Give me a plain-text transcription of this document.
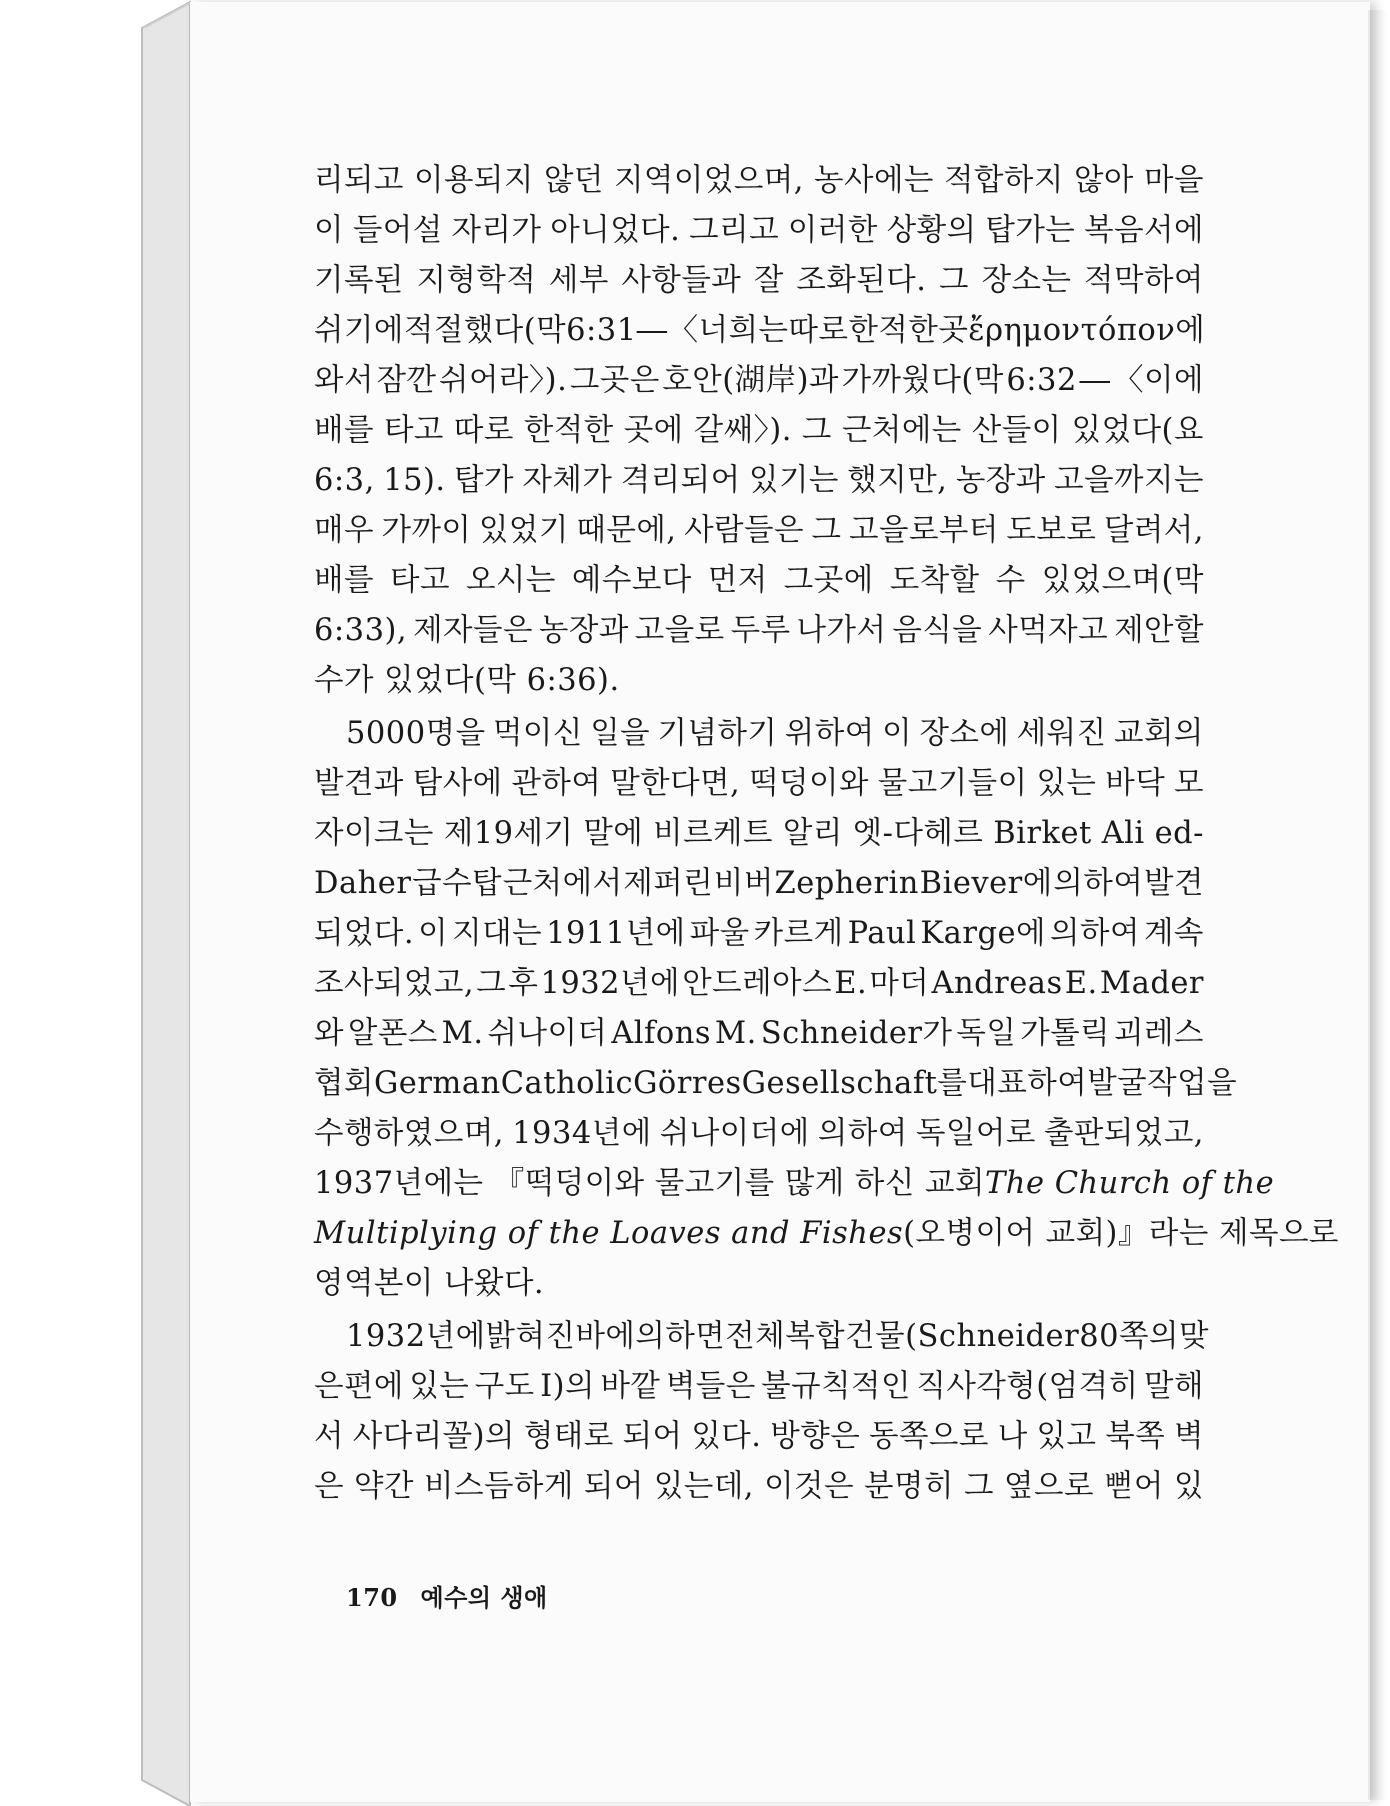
리되고 이용되지 않던 지역이었으며, 농사에는 적합하지 않아 마을
이 들어설 자리가 아니었다. 그리고 이러한 상황의 탑가는 복음서에
기록된 지형학적 세부 사항들과 잘 조화된다. 그 장소는 적막하여
쉬기에 적절했다(막 6:31 ― 〈너희는 따로 한적한 곳 ἔρημον τόπον에
와서 잠깐 쉬어라〉). 그곳은 호안(湖岸)과 가까웠다(막 6:32 ― 〈이에
배를 타고 따로 한적한 곳에 갈쌔〉). 그 근처에는 산들이 있었다(요
6:3, 15). 탑가 자체가 격리되어 있기는 했지만, 농장과 고을까지는
매우 가까이 있었기 때문에, 사람들은 그 고을로부터 도보로 달려서,
배를 타고 오시는 예수보다 먼저 그곳에 도착할 수 있었으며(막
6:33), 제자들은 농장과 고을로 두루 나가서 음식을 사먹자고 제안할
수가 있었다(막 6:36).
5000명을 먹이신 일을 기념하기 위하여 이 장소에 세워진 교회의
발견과 탐사에 관하여 말한다면, 떡덩이와 물고기들이 있는 바닥 모
자이크는 제19세기 말에 비르케트 알리 엣-다헤르 Birket Ali ed-
Daher 급수탑 근처에서 제퍼린 비버 Zepherin Biever에 의하여 발견
되었다. 이 지대는 1911년에 파울 카르게 Paul Karge에 의하여 계속
조사되었고, 그 후 1932년에 안드레아스 E. 마더 Andreas E. Mader
와 알폰스 M. 쉬나이더 Alfons M. Schneider가 독일 가톨릭 괴레스
협회 German Catholic Görres Gesellschaft를 대표하여 발굴 작업을
수행하였으며, 1934년에 쉬나이더에 의하여 독일어로 출판되었고,
1937년에는 『떡덩이와 물고기를 많게 하신 교회 The Church of the
Multiplying of the Loaves and Fishes (오병이어 교회)』라는 제목으로
영역본이 나왔다.
1932년에 밝혀진 바에 의하면 전체 복합 건물(Schneider 80쪽의 맞
은편에 있는 구도 I)의 바깥 벽들은 불규칙적인 직사각형(엄격히 말해
서 사다리꼴)의 형태로 되어 있다. 방향은 동쪽으로 나 있고 북쪽 벽
은 약간 비스듬하게 되어 있는데, 이것은 분명히 그 옆으로 뻗어 있
170 예수의 생애
